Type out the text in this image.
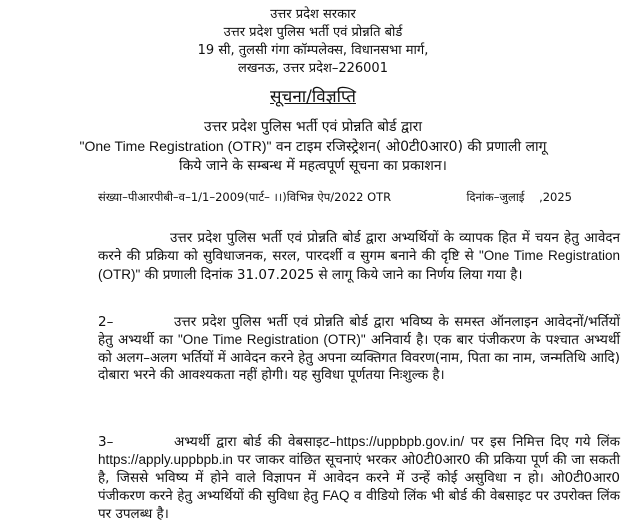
उत्तर प्रदेश सरकार
उत्तर प्रदेश पुलिस भर्ती एवं प्रोन्नति बोर्ड
19 सी, तुलसी गंगा कॉम्पलेक्स, विधानसभा मार्ग,
लखनऊ, उत्तर प्रदेश–226001
सूचना/विज्ञप्ति
उत्तर प्रदेश पुलिस भर्ती एवं प्रोन्नति बोर्ड द्वारा
"One Time Registration (OTR)" वन टाइम रजिस्ट्रेशन( ओ0टी0आर0) की प्रणाली लागू
किये जाने के सम्बन्ध में महत्वपूर्ण सूचना का प्रकाशन।
संख्या–पीआरपीबी–व–1/1–2009(पार्ट– ।।)विभिन्न ऐप/2022 OTR	दिनांक–जुलाई    ,2025
उत्तर प्रदेश पुलिस भर्ती एवं प्रोन्नति बोर्ड द्वारा अभ्यर्थियों के व्यापक हित में चयन हेतु आवेदन करने की प्रक्रिया को सुविधाजनक, सरल, पारदर्शी व सुगम बनाने की दृष्टि से "One Time Registration (OTR)" की प्रणाली दिनांक 31.07.2025 से लागू किये जाने का निर्णय लिया गया है।
2–	उत्तर प्रदेश पुलिस भर्ती एवं प्रोन्नति बोर्ड द्वारा भविष्य के समस्त ऑनलाइन आवेदनों/भर्तियों हेतु अभ्यर्थी का "One Time Registration (OTR)" अनिवार्य है। एक बार पंजीकरण के पश्चात अभ्यर्थी को अलग–अलग भर्तियों में आवेदन करने हेतु अपना व्यक्तिगत विवरण(नाम, पिता का नाम, जन्मतिथि आदि) दोबारा भरने की आवश्यकता नहीं होगी। यह सुविधा पूर्णतया निःशुल्क है।
3–	अभ्यर्थी द्वारा बोर्ड की वेबसाइट–https://uppbpb.gov.in/ पर इस निमित्त दिए गये लिंक https://apply.uppbpb.in पर जाकर वांछित सूचनाएं भरकर ओ0टी0आर0 की प्रकिया पूर्ण की जा सकती है, जिससे भविष्य में होने वाले विज्ञापन में आवेदन करने में उन्हें कोई असुविधा न हो। ओ0टी0आर0 पंजीकरण करने हेतु अभ्यर्थियों की सुविधा हेतु FAQ व वीडियो लिंक भी बोर्ड की वेबसाइट पर उपरोक्त लिंक पर उपलब्ध है।
